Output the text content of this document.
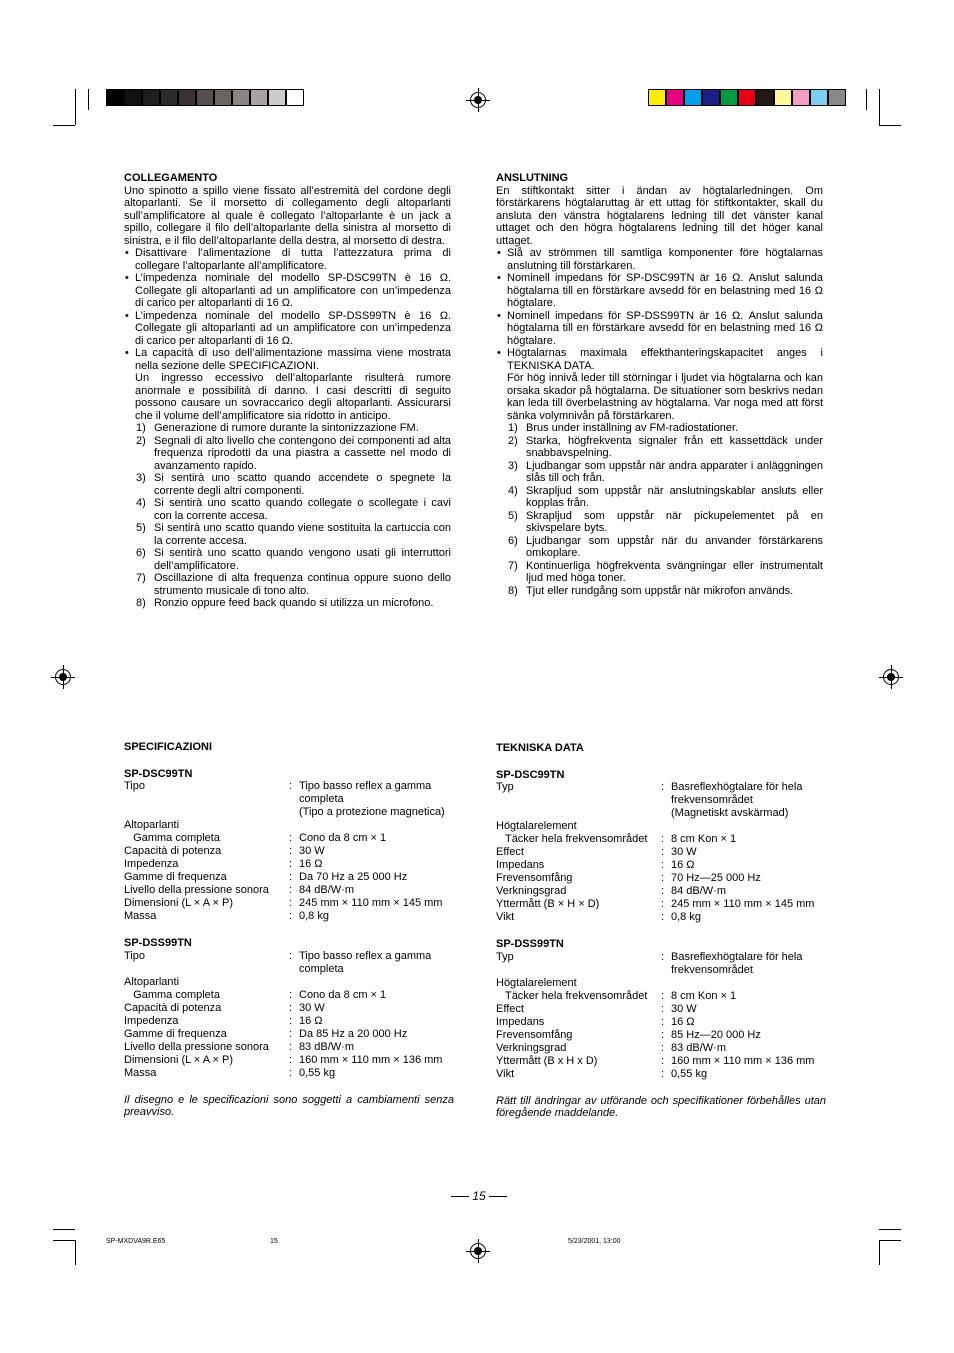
COLLEGAMENTO

Uno spinotto a spillo viene fissato all’estremità del cordone degli altoparlanti. Se il morsetto di collegamento degli altoparlanti sull’amplificatore al quale è collegato l’altoparlante è un jack a spillo, collegare il filo dell’altoparlante della sinistra al morsetto di sinistra, e il filo dell’altoparlante della destra, al morsetto di destra.

• Disattivare l’alimentazione di tutta l’attezzatura prima di collegare l’altoparlante all’amplificatore.
• L’impedenza nominale del modello SP-DSC99TN è 16 Ω. Collegate gli altoparlanti ad un amplificatore con un’impedenza di carico per altoparlanti di 16 Ω.
• L’impedenza nominale del modello SP-DSS99TN è 16 Ω. Collegate gli altoparlanti ad un amplificatore con un’impedenza di carico per altoparlanti di 16 Ω.
• La capacità di uso dell’alimentazione massima viene mostrata nella sezione delle SPECIFICAZIONI.

Un ingresso eccessivo dell’altoparlante risulterà rumore anormale e possibilità di danno. I casi descritti di seguito possono causare un sovraccarico degli altoparlanti. Assicurarsi che il volume dell’amplificatore sia ridotto in anticipo.

1) Generazione di rumore durante la sintonizzazione FM.
2) Segnali di alto livello che contengono dei componenti ad alta frequenza riprodotti da una piastra a cassette nel modo di avanzamento rapido.
3) Si sentirà uno scatto quando accendete o spegnete la corrente degli altri componenti.
4) Si sentirà uno scatto quando collegate o scollegate i cavi con la corrente accesa.
5) Si sentirà uno scatto quando viene sostituita la cartuccia con la corrente accesa.
6) Si sentirà uno scatto quando vengono usati gli interruttori dell’amplificatore.
7) Oscillazione di alta frequenza continua oppure suono dello strumento musicale di tono alto.
8) Ronzio oppure feed back quando si utilizza un microfono.
ANSLUTNING

En stiftkontakt sitter i ändan av högtalarledningen. Om förstärkarens högtalaruttag är ett uttag för stiftkontakter, skall du ansluta den vänstra högtalarens ledning till det vänster kanal uttaget och den högra högtalarens ledning till det höger kanal uttaget.

• Slå av strömmen till samtliga komponenter före högtalarnas anslutning till förstärkaren.
• Nominell impedans för SP-DSC99TN är 16 Ω. Anslut salunda högtalarna till en förstärkare avsedd för en belastning med 16 Ω högtalare.
• Nominell impedans för SP-DSS99TN är 16 Ω. Anslut salunda högtalarna till en förstärkare avsedd för en belastning med 16 Ω högtalare.
• Högtalarnas maximala effekthanteringskapacitet anges i TEKNISKA DATA.

För hög innivå leder till störningar i ljudet via högtalarna och kan orsaka skador på högtalarna. De situationer som beskrivs nedan kan leda till överbelastning av högtalarna. Var noga med att först sänka volymnivån på förstärkaren.

1) Brus under inställning av FM-radiostationer.
2) Starka, högfrekventa signaler från ett kassettdäck under snabbavspelning.
3) Ljudbangar som uppstår när andra apparater i anläggningen slås till och från.
4) Skrapljud som uppstår när anslutningskablar ansluts eller kopplas från.
5) Skrapljud som uppstår när pickupelementet på en skivspelare byts.
6) Ljudbangar som uppstår när du anvander förstärkarens omkoplare.
7) Kontinuerliga högfrekventa svängningar eller instrumentalt ljud med höga toner.
8) Tjut eller rundgång som uppstår när mikrofon används.
SPECIFICAZIONI
SP-DSC99TN
Tipo	:	Tipo basso reflex a gamma completa
(Tipo a protezione magnetica)
Altoparlanti		
Gamma completa	:	Cono da 8 cm × 1
Capacità di potenza	:	30 W
Impedenza	:	16 Ω
Gamme di frequenza	:	Da 70 Hz a 25 000 Hz
Livello della pressione sonora	:	84 dB/W·m
Dimensioni (L × A × P)	:	245 mm × 110 mm × 145 mm
Massa	:	0,8 kg
SP-DSS99TN
Tipo	:	Tipo basso reflex a gamma completa
Altoparlanti		
Gamma completa	:	Cono da 8 cm × 1
Capacità di potenza	:	30 W
Impedenza	:	16 Ω
Gamme di frequenza	:	Da 85 Hz a 20 000 Hz
Livello della pressione sonora	:	83 dB/W·m
Dimensioni (L × A × P)	:	160 mm × 110 mm × 136 mm
Massa	:	0,55 kg

Il disegno e le specificazioni sono soggetti a cambiamenti senza preavviso.

TEKNISKA DATA
SP-DSC99TN
Typ	:	Basreflexhögtalare för hela frekvensområdet
(Magnetiskt avskärmad)
Högtalarelement		
Täcker hela frekvensområdet	:	8 cm Kon × 1
Effect	:	30 W
Impedans	:	16 Ω
Frevensomfång	:	70 Hz—25 000 Hz
Verkningsgrad	:	84 dB/W·m
Yttermått (B × H × D)	:	245 mm × 110 mm × 145 mm
Vikt	:	0,8 kg
SP-DSS99TN
Typ	:	Basreflexhögtalare för hela frekvensområdet
Högtalarelement		
Täcker hela frekvensområdet	:	8 cm Kon × 1
Effect	:	30 W
Impedans	:	16 Ω
Frevensomfång	:	85 Hz—20 000 Hz
Verkningsgrad	:	83 dB/W·m
Yttermått (B x H x D)	:	160 mm × 110 mm × 136 mm
Vikt	:	0,55 kg

Rätt till ändringar av utförande och specifikationer förbehålles utan föregående maddelande.

15
SP-MXDVA9R.E65	15	5/23/2001, 13:00
